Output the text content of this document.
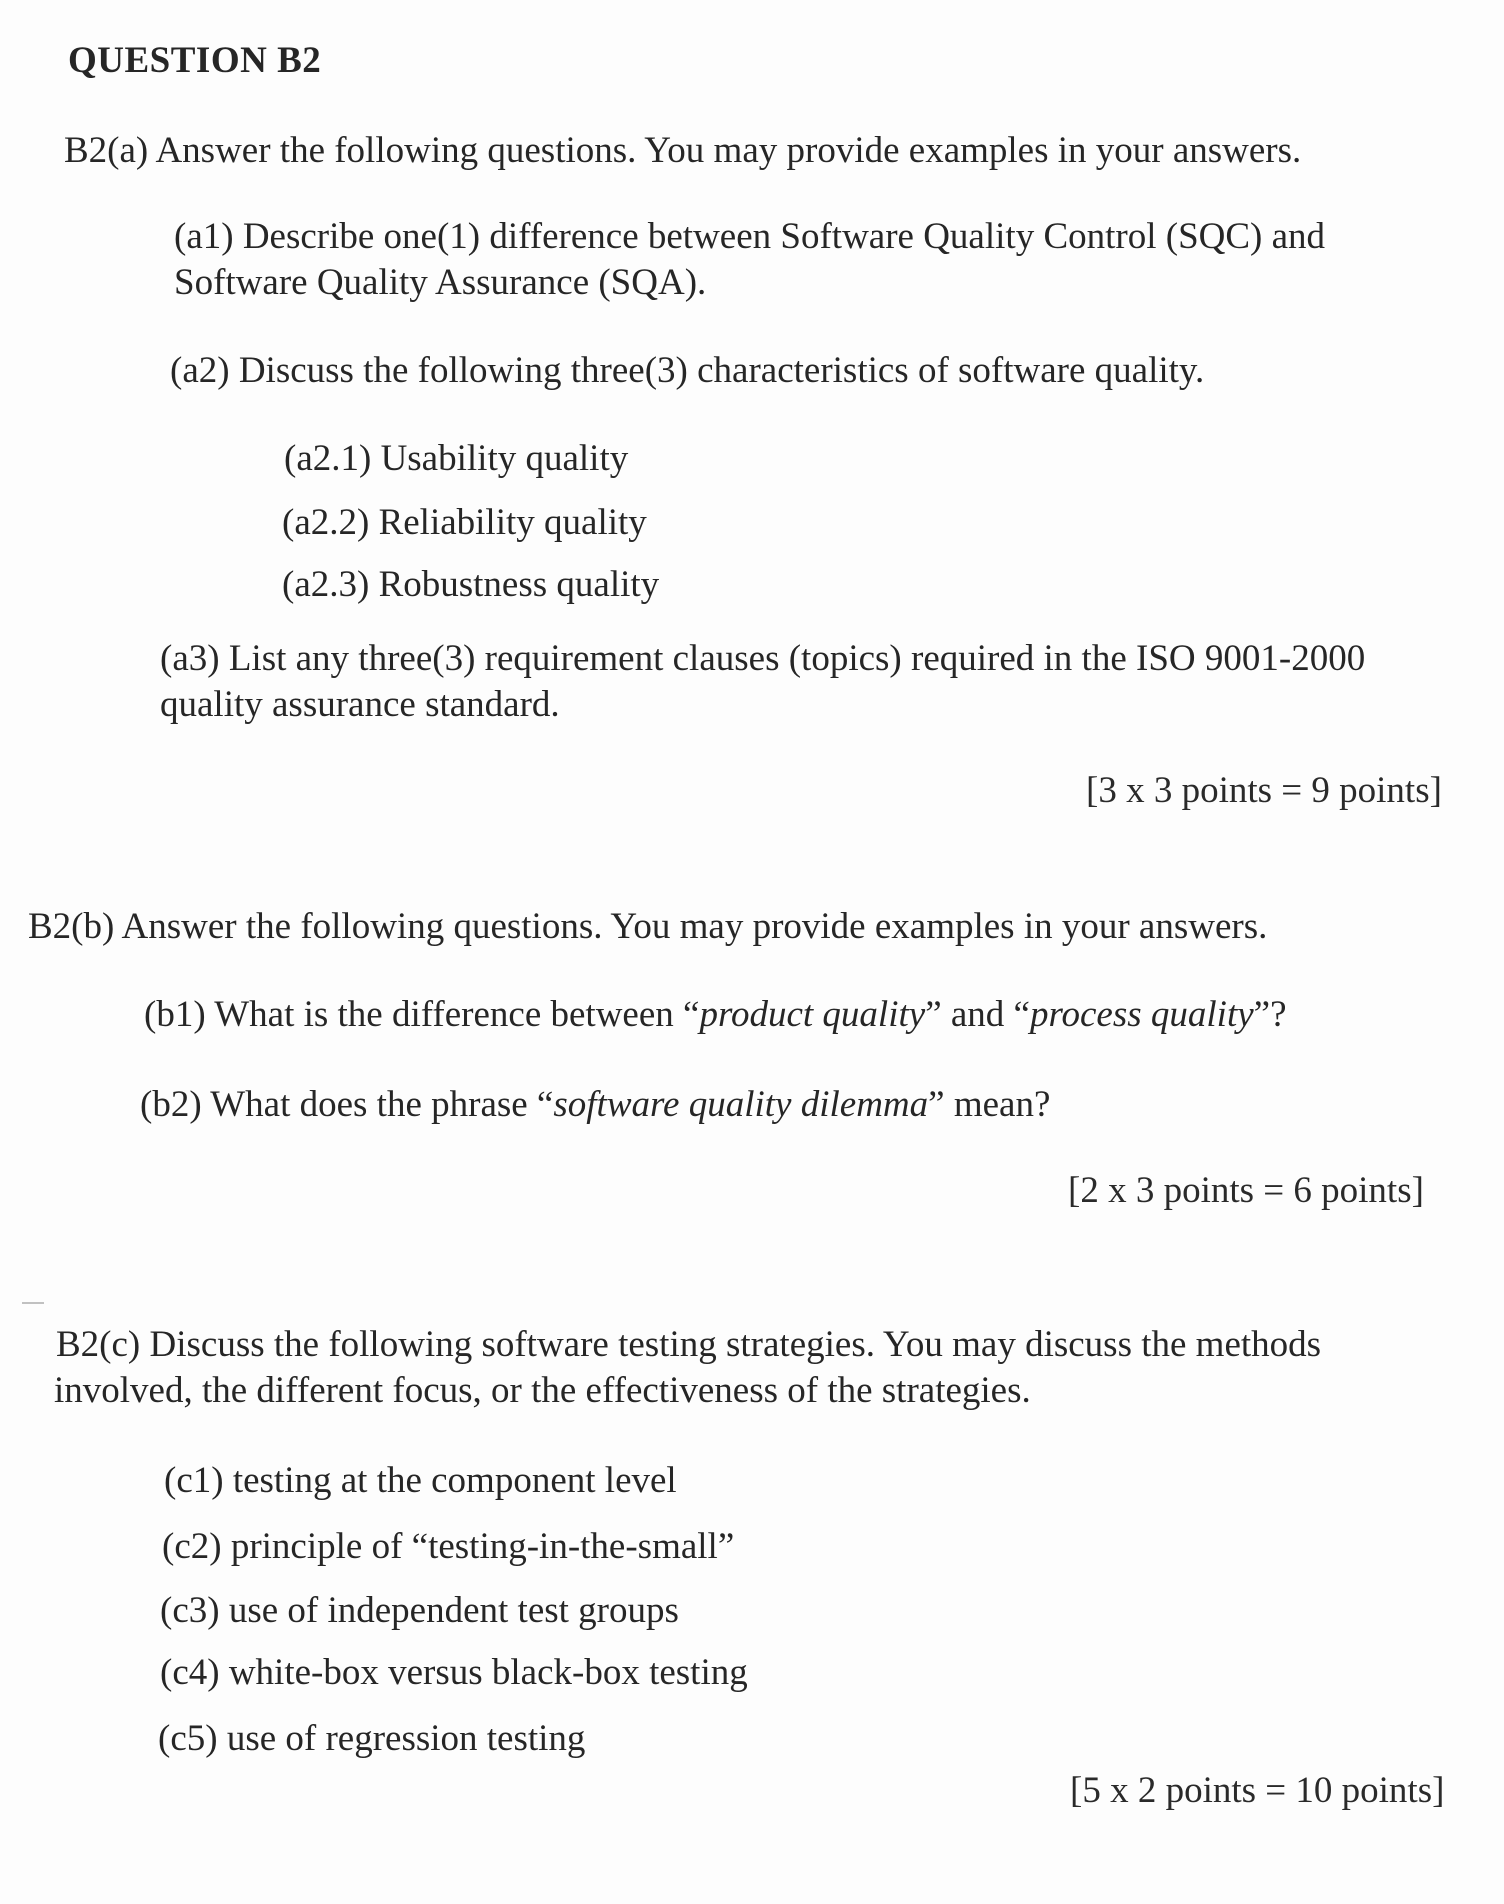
QUESTION B2
B2(a) Answer the following questions. You may provide examples in your answers.
(a1) Describe one(1) difference between Software Quality Control (SQC) and
Software Quality Assurance (SQA).
(a2) Discuss the following three(3) characteristics of software quality.
(a2.1) Usability quality
(a2.2) Reliability quality
(a2.3) Robustness quality
(a3) List any three(3) requirement clauses (topics) required in the ISO 9001-2000
quality assurance standard.
[3 x 3 points = 9 points]
B2(b) Answer the following questions. You may provide examples in your answers.
(b1) What is the difference between “product quality” and “process quality”?
(b2) What does the phrase “software quality dilemma” mean?
[2 x 3 points = 6 points]
B2(c) Discuss the following software testing strategies. You may discuss the methods
involved, the different focus, or the effectiveness of the strategies.
(c1) testing at the component level
(c2) principle of “testing-in-the-small”
(c3) use of independent test groups
(c4) white-box versus black-box testing
(c5) use of regression testing
[5 x 2 points = 10 points]
